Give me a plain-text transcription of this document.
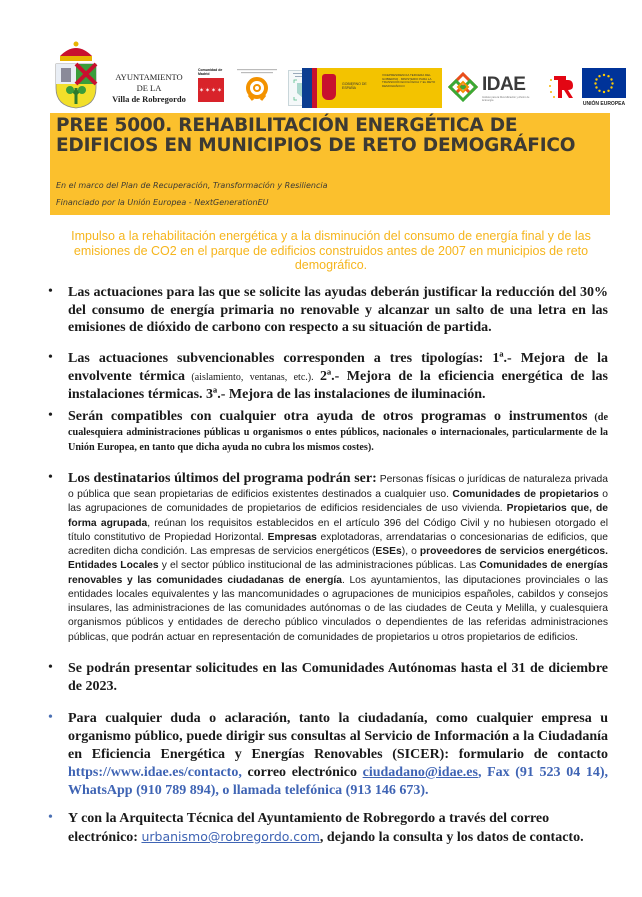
AYUNTAMIENTO
DE LA
Villa de Robregordo
Comunidad de Madrid
✶✶✶✶
GOBIERNO DE ESPAÑA
VICEPRESIDENCIA TERCERA DEL GOBIERNO · MINISTERIO PARA LA TRANSICIÓN ECOLÓGICA Y EL RETO DEMOGRÁFICO	IDAE
Instituto para la Diversificación y Ahorro de la Energía
UNIÓN EUROPEA
PREE 5000. REHABILITACIÓN ENERGÉTICA DE EDIFICIOS EN MUNICIPIOS DE RETO DEMOGRÁFICO
En el marco del Plan de Recuperación, Transformación y Resiliencia
Financiado por la Unión Europea - NextGenerationEU
Impulso a la rehabilitación energética y a la disminución del consumo de energía final y de las emisiones de CO2 en el parque de edificios construidos antes de 2007 en municipios de reto demográfico.
•	Las actuaciones para las que se solicite las ayudas deberán justificar la reducción del 30% del consumo de energía primaria no renovable y alcanzar un salto de una letra en las emisiones de dióxido de carbono con respecto a su situación de partida.
•	Las actuaciones subvencionables corresponden a tres tipologías: 1ª.- Mejora de la envolvente térmica (aislamiento, ventanas, etc.). 2ª.- Mejora de la eficiencia energética de las instalaciones térmicas. 3ª.- Mejora de las instalaciones de iluminación.
•	Serán compatibles con cualquier otra ayuda de otros programas o instrumentos (de cualesquiera administraciones públicas u organismos o entes públicos, nacionales o internacionales, particularmente de la Unión Europea, en tanto que dicha ayuda no cubra los mismos costes).
•	Los destinatarios últimos del programa podrán ser: Personas físicas o jurídicas de naturaleza privada o pública que sean propietarias de edificios existentes destinados a cualquier uso. Comunidades de propietarios o las agrupaciones de comunidades de propietarios de edificios residenciales de uso vivienda. Propietarios que, de forma agrupada, reúnan los requisitos establecidos en el artículo 396 del Código Civil y no hubiesen otorgado el título constitutivo de Propiedad Horizontal. Empresas explotadoras, arrendatarias o concesionarias de edificios, que acrediten dicha condición. Las empresas de servicios energéticos (ESEs), o proveedores de servicios energéticos. Entidades Locales y el sector público institucional de las administraciones públicas. Las Comunidades de energías renovables y las comunidades ciudadanas de energía. Los ayuntamientos, las diputaciones provinciales o las entidades locales equivalentes y las mancomunidades o agrupaciones de municipios españoles, cabildos y consejos insulares, las administraciones de las comunidades autónomas o de las ciudades de Ceuta y Melilla, y cualesquiera organismos públicos y entidades de derecho público vinculados o dependientes de las referidas administraciones públicas, que podrán actuar en representación de comunidades de propietarios u otros propietarios de edificios.
•	Se podrán presentar solicitudes en las Comunidades Autónomas hasta el 31 de diciembre de 2023.
•	Para cualquier duda o aclaración, tanto la ciudadanía, como cualquier empresa u organismo público, puede dirigir sus consultas al Servicio de Información a la Ciudadanía en Eficiencia Energética y Energías Renovables (SICER): formulario de contacto https://www.idae.es/contacto, correo electrónico ciudadano@idae.es, Fax (91 523 04 14), WhatsApp (910 789 894), o llamada telefónica (913 146 673).
•	Y con la Arquitecta Técnica del Ayuntamiento de Robregordo a través del correo electrónico: urbanismo@robregordo.com, dejando la consulta y los datos de contacto.
